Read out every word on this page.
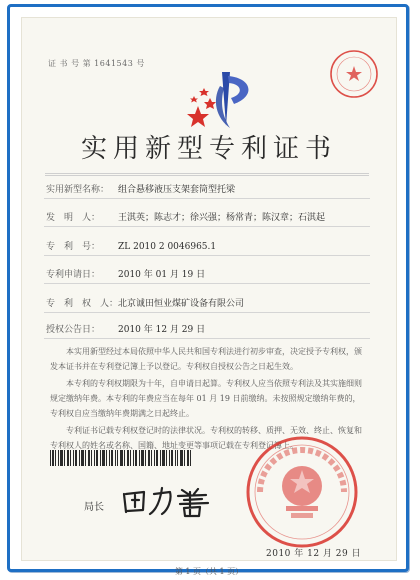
证 书 号 第 1641543 号
实用新型专利证书
实用新型名称： 组合悬移液压支架套筒型托梁
发　明　人： 王淇英；陈志才；徐兴强；杨常青；陈汉章；石淇起
专　利　号： ZL 2010 2 0046965.1
专利申请日： 2010 年 01 月 19 日
专　利　权　人：北京诚田恒业煤矿设备有限公司
授权公告日： 2010 年 12 月 29 日

本实用新型经过本局依照中华人民共和国专利法进行初步审查，决定授予专利权，颁发本证书并在专利登记簿上予以登记。专利权自授权公告之日起生效。

本专利的专利权期限为十年，自申请日起算。专利权人应当依照专利法及其实施细则规定缴纳年费。本专利的年费应当在每年 01 月 19 日前缴纳。未按照规定缴纳年费的，专利权自应当缴纳年费期满之日起终止。

专利证书记载专利权登记时的法律状况。专利权的转移、质押、无效、终止、恢复和专利权人的姓名或名称、国籍、地址变更等事项记载在专利登记簿上。

局长
2010 年 12 月 29 日
第 1 页（共 1 页）
